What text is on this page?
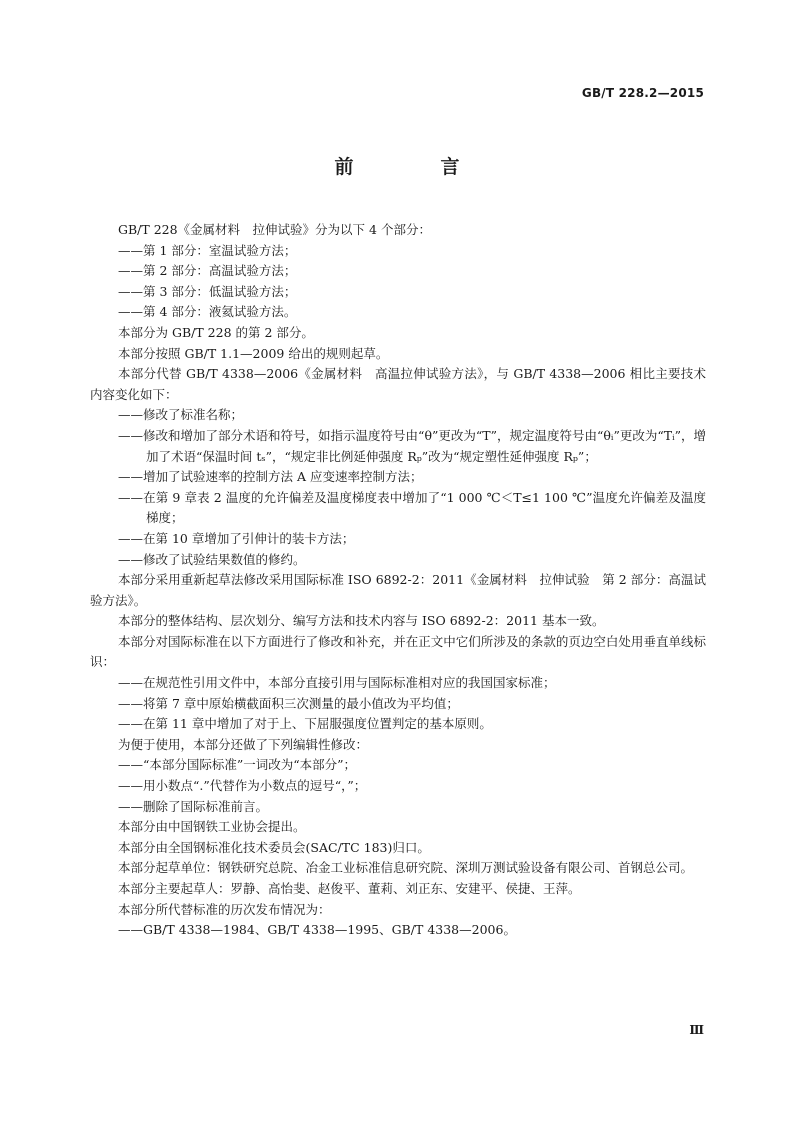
GB/T 228.2—2015
前　言

GB/T 228《金属材料　拉伸试验》分为以下 4 个部分：

——第 1 部分：室温试验方法；

——第 2 部分：高温试验方法；

——第 3 部分：低温试验方法；

——第 4 部分：液氦试验方法。

本部分为 GB/T 228 的第 2 部分。

本部分按照 GB/T 1.1—2009 给出的规则起草。

本部分代替 GB/T 4338—2006《金属材料　高温拉伸试验方法》，与 GB/T 4338—2006 相比主要技术内容变化如下：

——修改了标准名称；

——修改和增加了部分术语和符号，如指示温度符号由“θ”更改为“T”，规定温度符号由“θᵢ”更改为“Tᵢ”，增加了术语“保温时间 tₛ”，“规定非比例延伸强度 Rₚ”改为“规定塑性延伸强度 Rₚ”；

——增加了试验速率的控制方法 A 应变速率控制方法；

——在第 9 章表 2 温度的允许偏差及温度梯度表中增加了“1 000 ℃＜T≤1 100 ℃”温度允许偏差及温度梯度；

——在第 10 章增加了引伸计的装卡方法；

——修改了试验结果数值的修约。

本部分采用重新起草法修改采用国际标准 ISO 6892-2：2011《金属材料　拉伸试验　第 2 部分：高温试验方法》。

本部分的整体结构、层次划分、编写方法和技术内容与 ISO 6892-2：2011 基本一致。

本部分对国际标准在以下方面进行了修改和补充，并在正文中它们所涉及的条款的页边空白处用垂直单线标识：

——在规范性引用文件中，本部分直接引用与国际标准相对应的我国国家标准；

——将第 7 章中原始横截面积三次测量的最小值改为平均值；

——在第 11 章中增加了对于上、下屈服强度位置判定的基本原则。

为便于使用，本部分还做了下列编辑性修改：

——“本部分国际标准”一词改为“本部分”；

——用小数点“.”代替作为小数点的逗号“，”；

——删除了国际标准前言。

本部分由中国钢铁工业协会提出。

本部分由全国钢标准化技术委员会(SAC/TC 183)归口。

本部分起草单位：钢铁研究总院、冶金工业标准信息研究院、深圳万测试验设备有限公司、首钢总公司。

本部分主要起草人：罗静、高怡斐、赵俊平、董莉、刘正东、安建平、侯捷、王萍。

本部分所代替标准的历次发布情况为：

——GB/T 4338—1984、GB/T 4338—1995、GB/T 4338—2006。

Ⅲ
